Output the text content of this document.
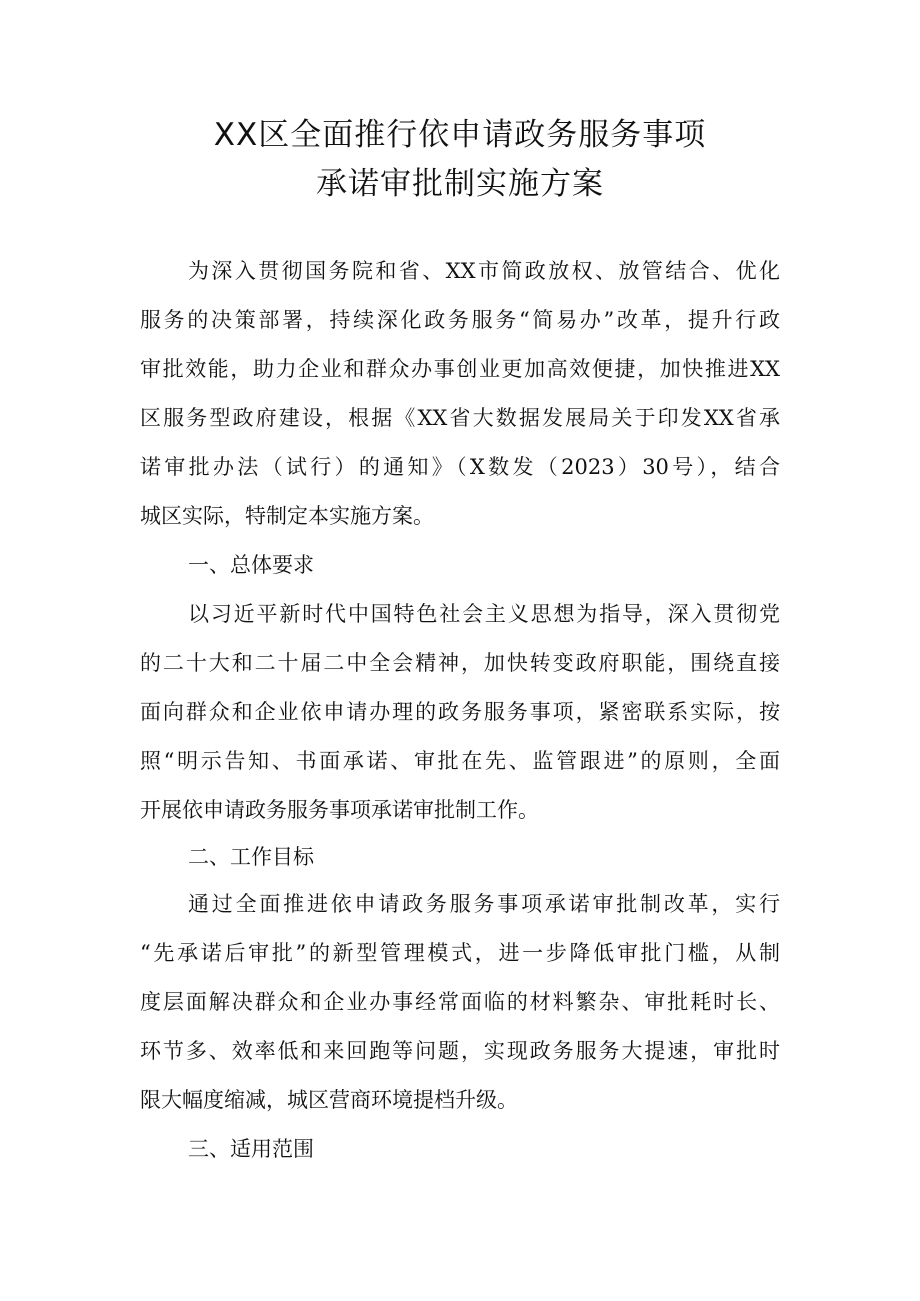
XX区全面推行依申请政务服务事项
承诺审批制实施方案
为深入贯彻国务院和省、XX市简政放权、放管结合、优化
服务的决策部署，持续深化政务服务“简易办”改革，提升行政
审批效能，助力企业和群众办事创业更加高效便捷，加快推进XX
区服务型政府建设，根据《XX省大数据发展局关于印发XX省承
诺审批办法（试行）的通知》（X数发（2023）30号），结合
城区实际，特制定本实施方案。
一、总体要求
以习近平新时代中国特色社会主义思想为指导，深入贯彻党
的二十大和二十届二中全会精神，加快转变政府职能，围绕直接
面向群众和企业依申请办理的政务服务事项，紧密联系实际，按
照“明示告知、书面承诺、审批在先、监管跟进”的原则，全面
开展依申请政务服务事项承诺审批制工作。
二、工作目标
通过全面推进依申请政务服务事项承诺审批制改革，实行
“先承诺后审批”的新型管理模式，进一步降低审批门槛，从制
度层面解决群众和企业办事经常面临的材料繁杂、审批耗时长、
环节多、效率低和来回跑等问题，实现政务服务大提速，审批时
限大幅度缩减，城区营商环境提档升级。
三、适用范围
